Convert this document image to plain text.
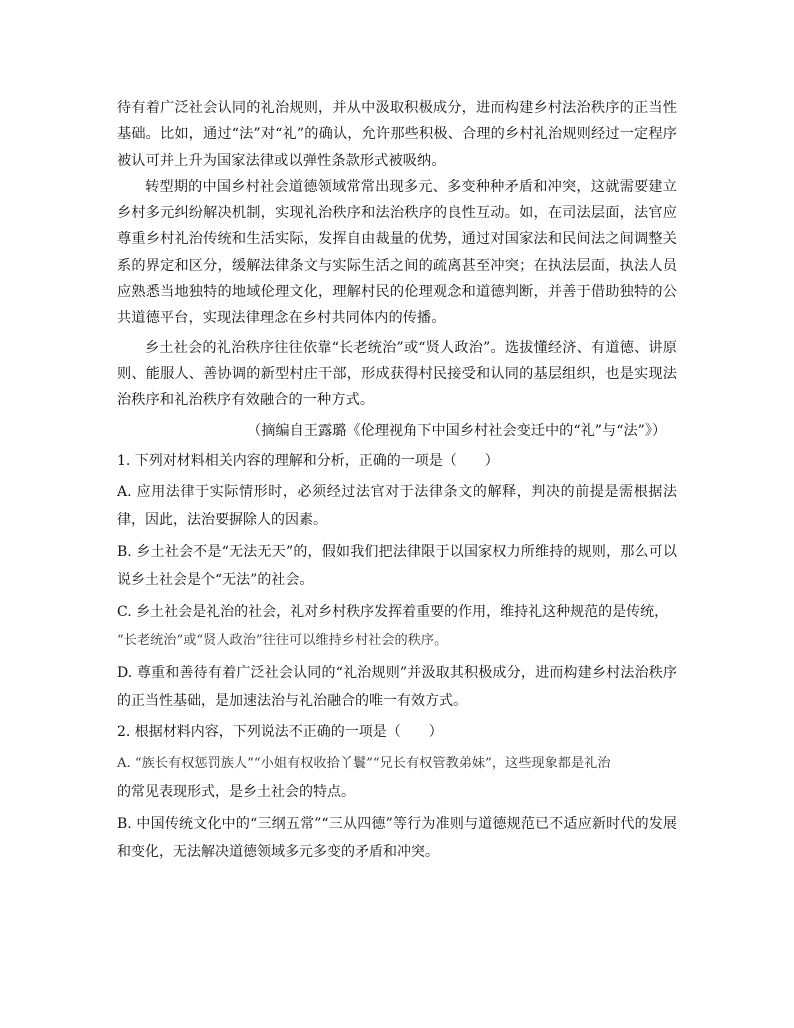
待有着广泛社会认同的礼治规则，并从中汲取积极成分，进而构建乡村法治秩序的正当性基础。比如，通过“法”对“礼”的确认，允许那些积极、合理的乡村礼治规则经过一定程序被认可并上升为国家法律或以弹性条款形式被吸纳。

转型期的中国乡村社会道德领域常常出现多元、多变种种矛盾和冲突，这就需要建立乡村多元纠纷解决机制，实现礼治秩序和法治秩序的良性互动。如，在司法层面，法官应尊重乡村礼治传统和生活实际，发挥自由裁量的优势，通过对国家法和民间法之间调整关系的界定和区分，缓解法律条文与实际生活之间的疏离甚至冲突；在执法层面，执法人员应熟悉当地独特的地域伦理文化，理解村民的伦理观念和道德判断，并善于借助独特的公共道德平台，实现法律理念在乡村共同体内的传播。

乡土社会的礼治秩序往往依靠“长老统治”或“贤人政治”。选拔懂经济、有道德、讲原则、能服人、善协调的新型村庄干部，形成获得村民接受和认同的基层组织，也是实现法治秩序和礼治秩序有效融合的一种方式。

（摘编自王露璐《伦理视角下中国乡村社会变迁中的“礼”与“法”》）

1. 下列对材料相关内容的理解和分析，正确的一项是（　　）

A. 应用法律于实际情形时，必须经过法官对于法律条文的解释，判决的前提是需根据法律，因此，法治要摒除人的因素。

B. 乡土社会不是“无法无天”的，假如我们把法律限于以国家权力所维持的规则，那么可以说乡土社会是个“无法”的社会。

C. 乡土社会是礼治的社会，礼对乡村秩序发挥着重要的作用，维持礼这种规范的是传统，
“长老统治”或“贤人政治”往往可以维持乡村社会的秩序。

D. 尊重和善待有着广泛社会认同的“礼治规则”并汲取其积极成分，进而构建乡村法治秩序的正当性基础，是加速法治与礼治融合的唯一有效方式。

2. 根据材料内容，下列说法不正确的一项是（　　）

A. “族长有权惩罚族人”“小姐有权收拾丫鬟”“兄长有权管教弟妹”，这些现象都是礼治
的常见表现形式，是乡土社会的特点。

B. 中国传统文化中的“三纲五常”“三从四德”等行为准则与道德规范已不适应新时代的发展和变化，无法解决道德领域多元多变的矛盾和冲突。
